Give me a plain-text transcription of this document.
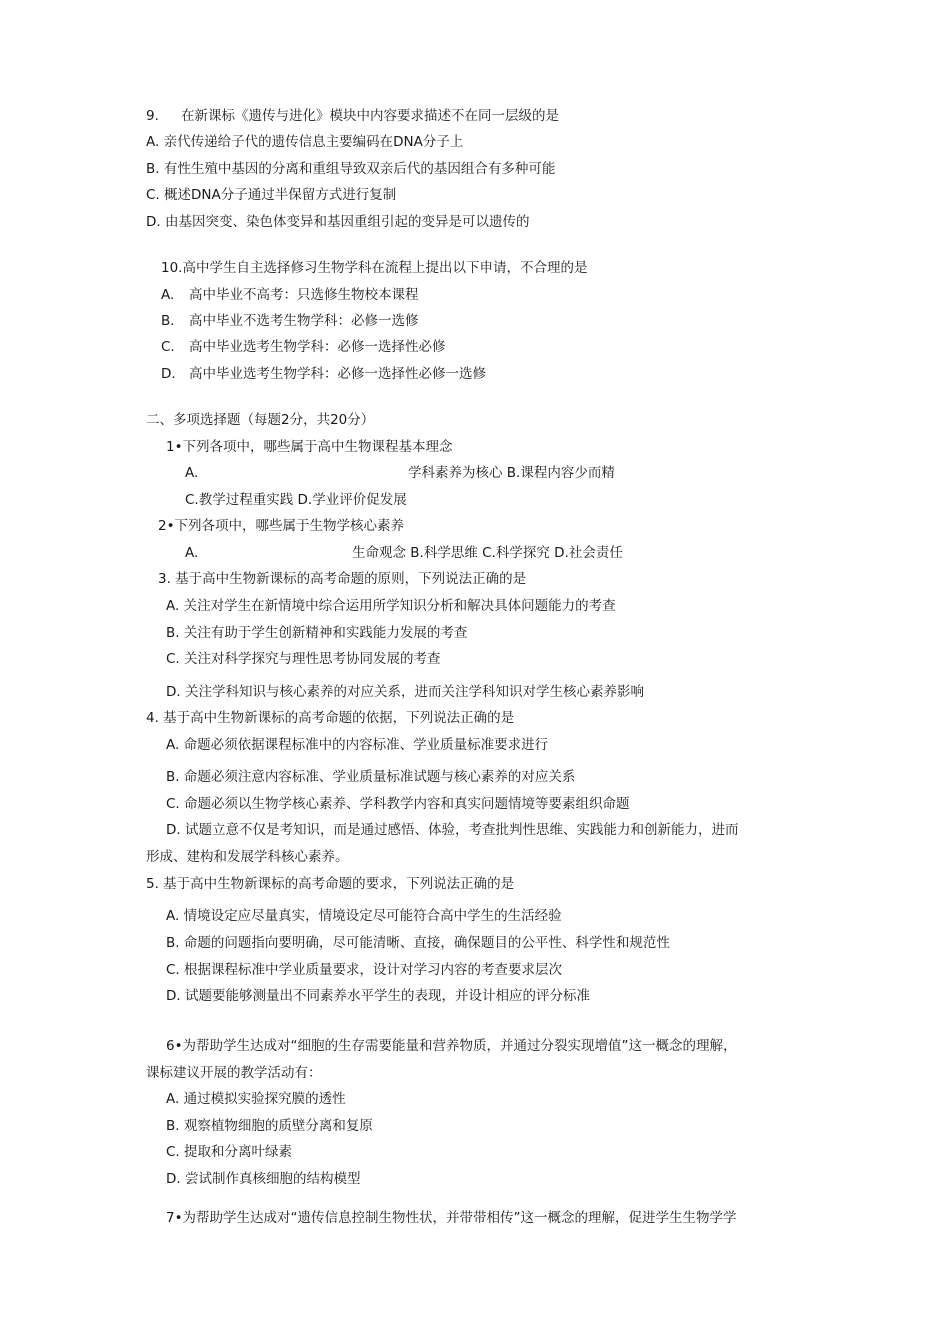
9. 在新课标《遗传与进化》模块中内容要求描述不在同一层级的是
A. 亲代传递给子代的遗传信息主要编码在DNA分子上
B. 有性生殖中基因的分离和重组导致双亲后代的基因组合有多种可能
C. 概述DNA分子通过半保留方式进行复制
D. 由基因突变、染色体变异和基因重组引起的变异是可以遗传的
10.高中学生自主选择修习生物学科在流程上提出以下申请，不合理的是
A. 高中毕业不高考：只选修生物校本课程
B. 高中毕业不选考生物学科：必修一选修
C. 高中毕业选考生物学科：必修一选择性必修
D. 高中毕业选考生物学科：必修一选择性必修一选修
二、多项选择题（每题2分，共20分）
1•下列各项中，哪些属于高中生物课程基本理念
A.	学科素养为核心 B.课程内容少而精
C.教学过程重实践 D.学业评价促发展
2•下列各项中，哪些属于生物学核心素养
A.	生命观念 B.科学思维 C.科学探究 D.社会责任
3. 基于高中生物新课标的高考命题的原则，下列说法正确的是
A. 关注对学生在新情境中综合运用所学知识分析和解决具体问题能力的考查
B. 关注有助于学生创新精神和实践能力发展的考查
C. 关注对科学探究与理性思考协同发展的考查
D. 关注学科知识与核心素养的对应关系，进而关注学科知识对学生核心素养影响
4. 基于高中生物新课标的高考命题的依据，下列说法正确的是
A. 命题必须依据课程标准中的内容标准、学业质量标准要求进行
B. 命题必须注意内容标准、学业质量标准试题与核心素养的对应关系
C. 命题必须以生物学核心素养、学科教学内容和真实问题情境等要素组织命题
D. 试题立意不仅是考知识，而是通过感悟、体验，考查批判性思维、实践能力和创新能力，进而
形成、建构和发展学科核心素养。
5. 基于高中生物新课标的高考命题的要求，下列说法正确的是
A. 情境设定应尽量真实，情境设定尽可能符合高中学生的生活经验
B. 命题的问题指向要明确，尽可能清晰、直接，确保题目的公平性、科学性和规范性
C. 根据课程标准中学业质量要求，设计对学习内容的考查要求层次
D. 试题要能够测量出不同素养水平学生的表现，并设计相应的评分标准
6•为帮助学生达成对“细胞的生存需要能量和营养物质，并通过分裂实现增值”这一概念的理解，
课标建议开展的教学活动有：
A. 通过模拟实验探究膜的透性
B. 观察植物细胞的质壁分离和复原
C. 提取和分离叶绿素
D. 尝试制作真核细胞的结构模型
7•为帮助学生达成对“遗传信息控制生物性状，并带带相传”这一概念的理解，促进学生生物学学
